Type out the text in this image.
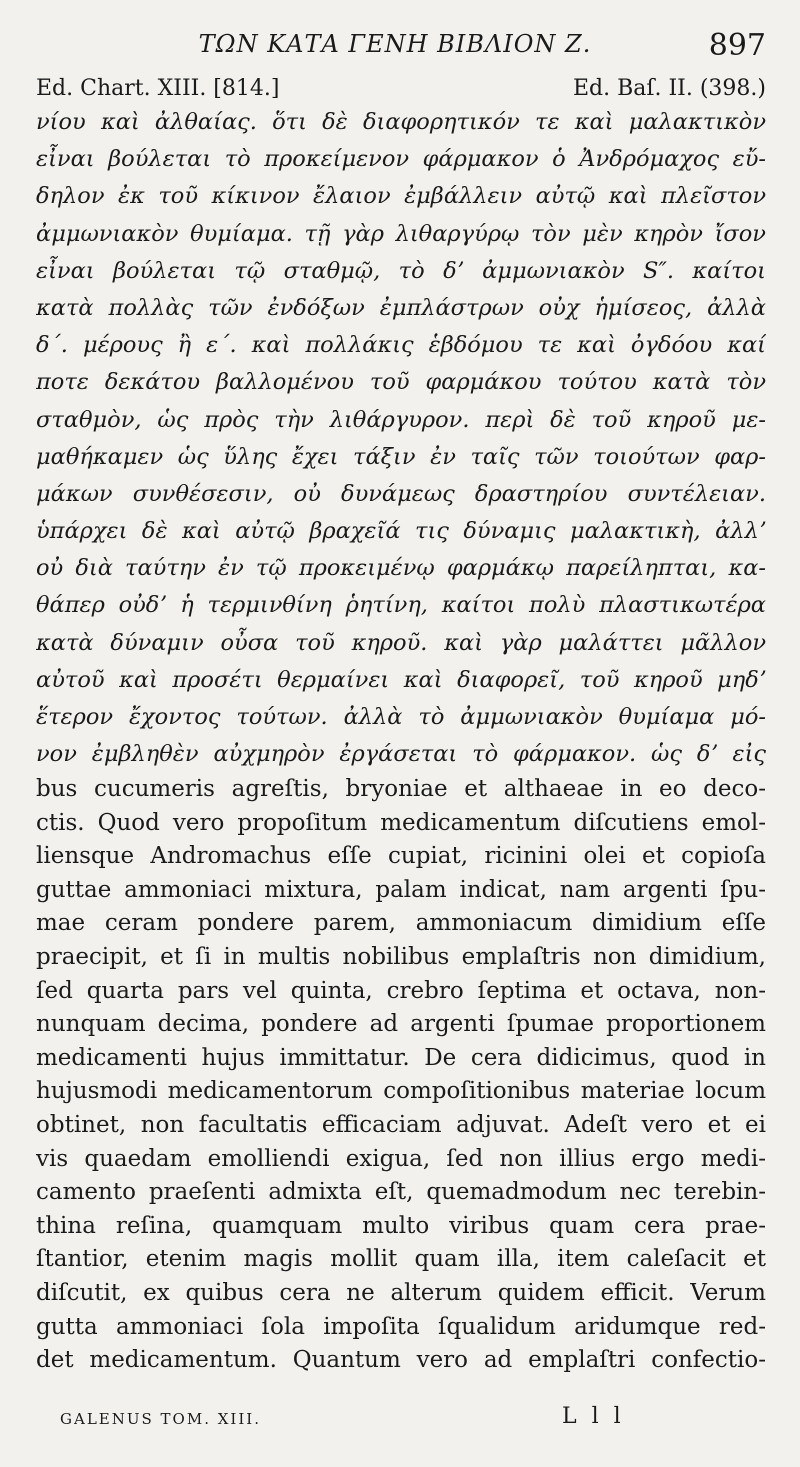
ΤΩΝ ΚΑΤΑ ΓΕΝΗ ΒΙΒΛΙΟΝ Ζ.	897
Ed. Chart. XIII. [814.]	Ed. Baſ. II. (398.)
νίου καὶ ἀλθαίας. ὅτι δὲ διαφορητικόν τε καὶ μαλακτικὸν
εἶναι βούλεται τὸ προκείμενον φάρμακον ὁ Ἀνδρόμαχος εὔ-
δηλον ἐκ τοῦ κίκινον ἔλαιον ἐμβάλλειν αὐτῷ καὶ πλεῖστον
ἀμμωνιακὸν θυμίαμα. τῇ γὰρ λιθαργύρῳ τὸν μὲν κηρὸν ἴσον
εἶναι βούλεται τῷ σταθμῷ, τὸ δʼ ἀμμωνιακὸν S″. καίτοι
κατὰ πολλὰς τῶν ἐνδόξων ἐμπλάστρων οὐχ ἡμίσεος, ἀλλὰ
δ΄. μέρους ἢ ε΄. καὶ πολλάκις ἑβδόμου τε καὶ ὀγδόου καί
ποτε δεκάτου βαλλομένου τοῦ φαρμάκου τούτου κατὰ τὸν
σταθμὸν, ὡς πρὸς τὴν λιθάργυρον. περὶ δὲ τοῦ κηροῦ με-
μαθήκαμεν ὡς ὕλης ἔχει τάξιν ἐν ταῖς τῶν τοιούτων φαρ-
μάκων συνθέσεσιν, οὐ δυνάμεως δραστηρίου συντέλειαν.
ὑπάρχει δὲ καὶ αὐτῷ βραχεῖά τις δύναμις μαλακτικὴ, ἀλλʼ
οὐ διὰ ταύτην ἐν τῷ προκειμένῳ φαρμάκῳ παρείληπται, κα-
θάπερ οὐδʼ ἡ τερμινθίνη ῥητίνη, καίτοι πολὺ πλαστικωτέρα
κατὰ δύναμιν οὖσα τοῦ κηροῦ. καὶ γὰρ μαλάττει μᾶλλον
αὐτοῦ καὶ προσέτι θερμαίνει καὶ διαφορεῖ, τοῦ κηροῦ μηδʼ
ἕτερον ἔχοντος τούτων. ἀλλὰ τὸ ἀμμωνιακὸν θυμίαμα μό-
νον ἐμβληθὲν αὐχμηρὸν ἐργάσεται τὸ φάρμακον. ὡς δʼ εἰς
bus cucumeris agreſtis, bryoniae et althaeae in eo deco-
ctis. Quod vero propoſitum medicamentum diſcutiens emol-
liensque Andromachus eſſe cupiat, ricinini olei et copioſa
guttae ammoniaci mixtura, palam indicat, nam argenti ſpu-
mae ceram pondere parem, ammoniacum dimidium eſſe
praecipit, et ſi in multis nobilibus emplaſtris non dimidium,
ſed quarta pars vel quinta, crebro ſeptima et octava, non-
nunquam decima, pondere ad argenti ſpumae proportionem
medicamenti hujus immittatur. De cera didicimus, quod in
hujusmodi medicamentorum compoſitionibus materiae locum
obtinet, non facultatis efficaciam adjuvat. Adeſt vero et ei
vis quaedam emolliendi exigua, ſed non illius ergo medi-
camento praeſenti admixta eſt, quemadmodum nec terebin-
thina reſina, quamquam multo viribus quam cera prae-
ſtantior, etenim magis mollit quam illa, item caleſacit et
diſcutit, ex quibus cera ne alterum quidem efficit. Verum
gutta ammoniaci ſola impoſita ſqualidum aridumque red-
det medicamentum. Quantum vero ad emplaſtri confectio-
GALENUS TOM. XIII.	L l l
